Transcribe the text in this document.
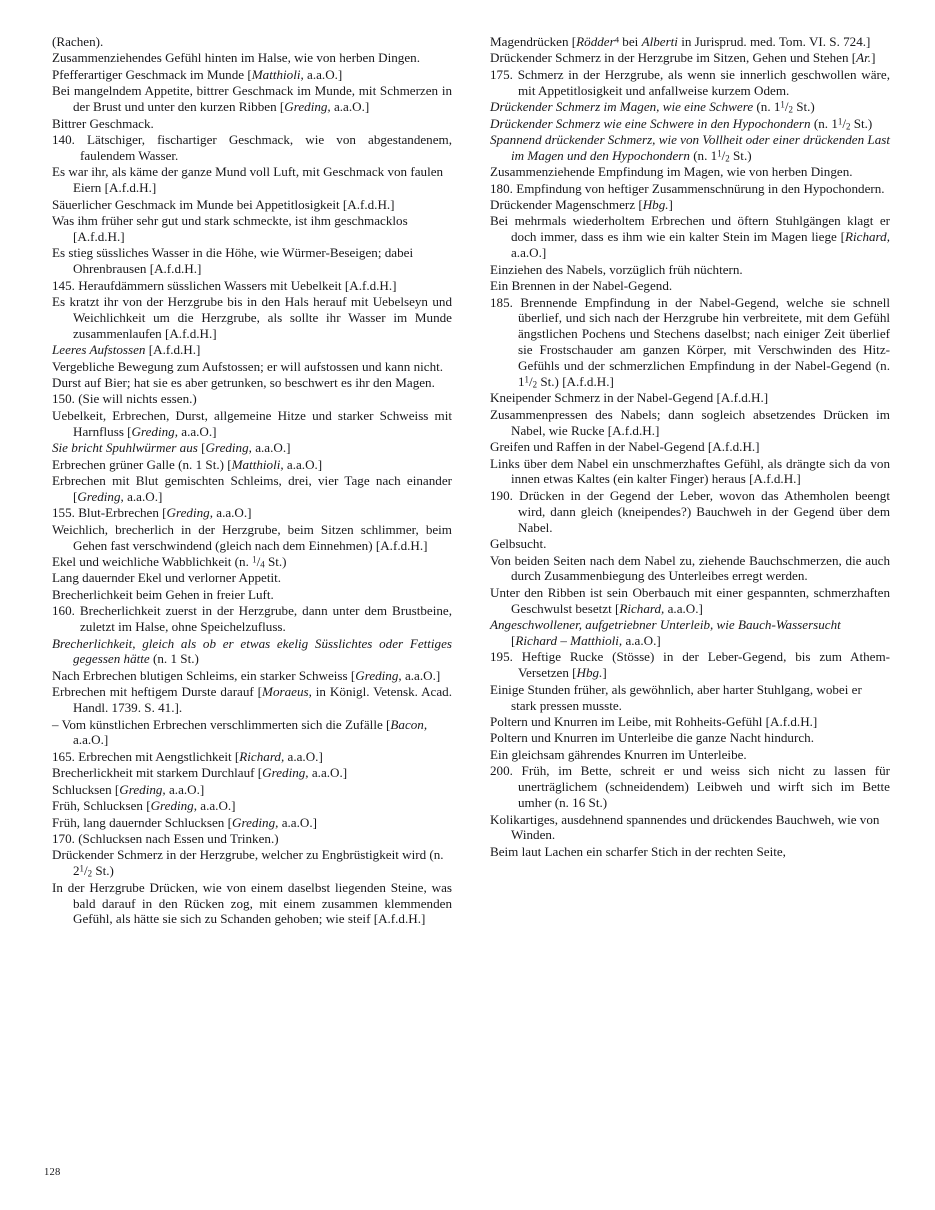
(Rachen).

Zusammenziehendes Gefühl hinten im Halse, wie von herben Dingen.

Pfefferartiger Geschmack im Munde [Matthioli, a.a.O.]

Bei mangelndem Appetite, bittrer Geschmack im Munde, mit Schmerzen in der Brust und unter den kurzen Ribben [Greding, a.a.O.]

Bittrer Geschmack.

140. Lätschiger, fischartiger Geschmack, wie von abgestandenem, faulendem Wasser.

Es war ihr, als käme der ganze Mund voll Luft, mit Geschmack von faulen Eiern [A.f.d.H.]

Säuerlicher Geschmack im Munde bei Appetitlosigkeit [A.f.d.H.]

Was ihm früher sehr gut und stark schmeckte, ist ihm geschmacklos [A.f.d.H.]

Es stieg süssliches Wasser in die Höhe, wie Würmer-Beseigen; dabei Ohrenbrausen [A.f.d.H.]

145. Heraufdämmern süsslichen Wassers mit Uebelkeit [A.f.d.H.]

Es kratzt ihr von der Herzgrube bis in den Hals herauf mit Uebelseyn und Weichlichkeit um die Herzgrube, als sollte ihr Wasser im Munde zusammenlaufen [A.f.d.H.]

Leeres Aufstossen [A.f.d.H.]

Vergebliche Bewegung zum Aufstossen; er will aufstossen und kann nicht.

Durst auf Bier; hat sie es aber getrunken, so beschwert es ihr den Magen.

150. (Sie will nichts essen.)

Uebelkeit, Erbrechen, Durst, allgemeine Hitze und starker Schweiss mit Harnfluss [Greding, a.a.O.]

Sie bricht Spuhlwürmer aus [Greding, a.a.O.]

Erbrechen grüner Galle (n. 1 St.) [Matthioli, a.a.O.]

Erbrechen mit Blut gemischten Schleims, drei, vier Tage nach einander [Greding, a.a.O.]

155. Blut-Erbrechen [Greding, a.a.O.]

Weichlich, brecherlich in der Herzgrube, beim Sitzen schlimmer, beim Gehen fast verschwindend (gleich nach dem Einnehmen) [A.f.d.H.]

Ekel und weichliche Wabblichkeit (n. $^1/_4$ St.)

Lang dauernder Ekel und verlorner Appetit.

Brecherlichkeit beim Gehen in freier Luft.

160. Brecherlichkeit zuerst in der Herzgrube, dann unter dem Brustbeine, zuletzt im Halse, ohne Speichelzufluss.

Brecherlichkeit, gleich als ob er etwas ekelig Süsslichtes oder Fettiges gegessen hätte (n. 1 St.)

Nach Erbrechen blutigen Schleims, ein starker Schweiss [Greding, a.a.O.]

Erbrechen mit heftigem Durste darauf [Moraeus, in Königl. Vetensk. Acad. Handl. 1739. S. 41.].

– Vom künstlichen Erbrechen verschlimmerten sich die Zufälle [Bacon, a.a.O.]

165. Erbrechen mit Aengstlichkeit [Richard, a.a.O.]

Brecherlickheit mit starkem Durchlauf [Greding, a.a.O.]

Schlucksen [Greding, a.a.O.]

Früh, Schlucksen [Greding, a.a.O.]

Früh, lang dauernder Schlucksen [Greding, a.a.O.]

170. (Schlucksen nach Essen und Trinken.)

Drückender Schmerz in der Herzgrube, welcher zu Engbrüstigkeit wird (n. $2^1/_2$ St.)

In der Herzgrube Drücken, wie von einem daselbst liegenden Steine, was bald darauf in den Rücken zog, mit einem zusammen klemmenden Gefühl, als hätte sie sich zu Schanden gehoben; wie steif [A.f.d.H.]

Magendrücken [Rödder$^4$ bei Alberti in Jurisprud. med. Tom. VI. S. 724.]

Drückender Schmerz in der Herzgrube im Sitzen, Gehen und Stehen [Ar.]

175. Schmerz in der Herzgrube, als wenn sie innerlich geschwollen wäre, mit Appetitlosigkeit und anfallweise kurzem Odem.

Drückender Schmerz im Magen, wie eine Schwere (n. $1^1/_2$ St.)

Drückender Schmerz wie eine Schwere in den Hypochondern (n. $1^1/_2$ St.)

Spannend drückender Schmerz, wie von Vollheit oder einer drückenden Last im Magen und den Hypochondern (n. $1^1/_2$ St.)

Zusammenziehende Empfindung im Magen, wie von herben Dingen.

180. Empfindung von heftiger Zusammenschnürung in den Hypochondern.

Drückender Magenschmerz [Hbg.]

Bei mehrmals wiederholtem Erbrechen und öftern Stuhlgängen klagt er doch immer, dass es ihm wie ein kalter Stein im Magen liege [Richard, a.a.O.]

Einziehen des Nabels, vorzüglich früh nüchtern.

Ein Brennen in der Nabel-Gegend.

185. Brennende Empfindung in der Nabel-Gegend, welche sie schnell überlief, und sich nach der Herzgrube hin verbreitete, mit dem Gefühl ängstlichen Pochens und Stechens daselbst; nach einiger Zeit überlief sie Frostschauder am ganzen Körper, mit Verschwinden des Hitz-Gefühls und der schmerzlichen Empfindung in der Nabel-Gegend (n. $1^1/_2$ St.) [A.f.d.H.]

Kneipender Schmerz in der Nabel-Gegend [A.f.d.H.]

Zusammenpressen des Nabels; dann sogleich absetzendes Drücken im Nabel, wie Rucke [A.f.d.H.]

Greifen und Raffen in der Nabel-Gegend [A.f.d.H.]

Links über dem Nabel ein unschmerzhaftes Gefühl, als drängte sich da von innen etwas Kaltes (ein kalter Finger) heraus [A.f.d.H.]

190. Drücken in der Gegend der Leber, wovon das Athemholen beengt wird, dann gleich (kneipendes?) Bauchweh in der Gegend über dem Nabel.

Gelbsucht.

Von beiden Seiten nach dem Nabel zu, ziehende Bauchschmerzen, die auch durch Zusammenbiegung des Unterleibes erregt werden.

Unter den Ribben ist sein Oberbauch mit einer gespannten, schmerzhaften Geschwulst besetzt [Richard, a.a.O.]

Angeschwollener, aufgetriebner Unterleib, wie Bauch-Wassersucht [Richard – Matthioli, a.a.O.]

195. Heftige Rucke (Stösse) in der Leber-Gegend, bis zum Athem-Versetzen [Hbg.]

Einige Stunden früher, als gewöhnlich, aber harter Stuhlgang, wobei er stark pressen musste.

Poltern und Knurren im Leibe, mit Rohheits-Gefühl [A.f.d.H.]

Poltern und Knurren im Unterleibe die ganze Nacht hindurch.

Ein gleichsam gährendes Knurren im Unterleibe.

200. Früh, im Bette, schreit er und weiss sich nicht zu lassen für unerträglichem (schneidendem) Leibweh und wirft sich im Bette umher (n. 16 St.)

Kolikartiges, ausdehnend spannendes und drückendes Bauchweh, wie von Winden.

Beim laut Lachen ein scharfer Stich in der rechten Seite,

128
